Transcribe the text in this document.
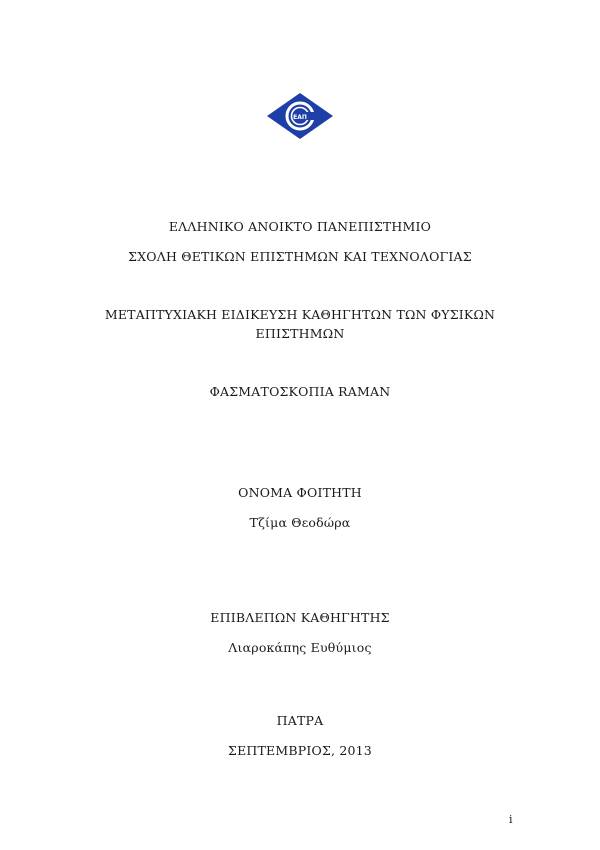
ΕΑΠ
ΕΛΛΗΝΙΚΟ ΑΝΟΙΚΤΟ ΠΑΝΕΠΙΣΤΗΜΙΟ
ΣΧΟΛΗ ΘΕΤΙΚΩΝ ΕΠΙΣΤΗΜΩΝ ΚΑΙ ΤΕΧΝΟΛΟΓΙΑΣ
ΜΕΤΑΠΤΥΧΙΑΚΗ ΕΙΔΙΚΕΥΣΗ ΚΑΘΗΓΗΤΩΝ ΤΩΝ ΦΥΣΙΚΩΝ
ΕΠΙΣΤΗΜΩΝ
ΦΑΣΜΑΤΟΣΚΟΠΙΑ RAMAN
ΟΝΟΜΑ ΦΟΙΤΗΤΗ
Τζίμα Θεοδώρα
ΕΠΙΒΛΕΠΩΝ ΚΑΘΗΓΗΤΗΣ
Λιαροκάπης Ευθύμιος
ΠΑΤΡΑ
ΣΕΠΤΕΜΒΡΙΟΣ, 2013
i
